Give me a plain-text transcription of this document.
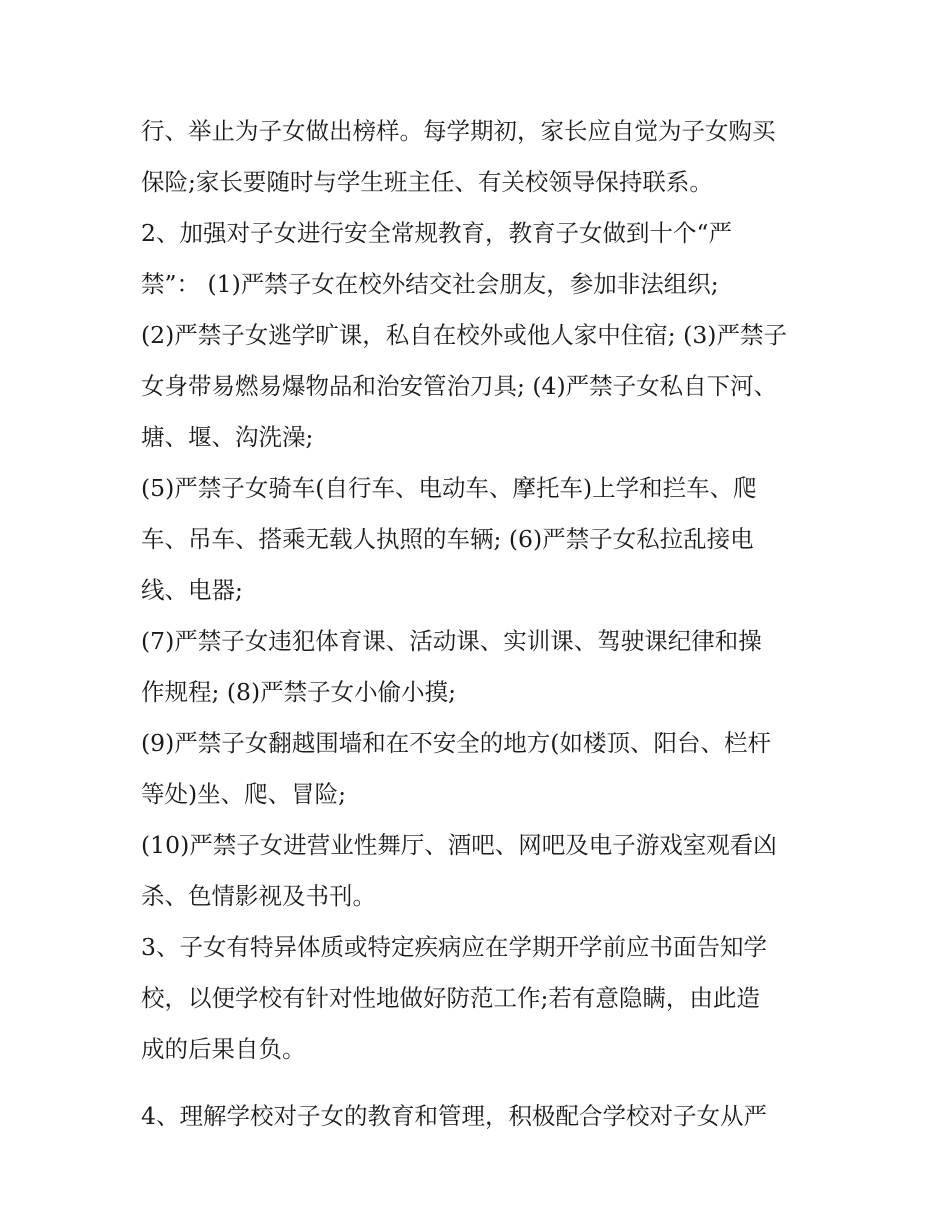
行、举止为子女做出榜样。每学期初，家长应自觉为子女购买
保险;家长要随时与学生班主任、有关校领导保持联系。
2、加强对子女进行安全常规教育，教育子女做到十个“严
禁”： (1)严禁子女在校外结交社会朋友，参加非法组织;
(2)严禁子女逃学旷课，私自在校外或他人家中住宿; (3)严禁子
女身带易燃易爆物品和治安管治刀具; (4)严禁子女私自下河、
塘、堰、沟洗澡;
(5)严禁子女骑车(自行车、电动车、摩托车)上学和拦车、爬
车、吊车、搭乘无载人执照的车辆; (6)严禁子女私拉乱接电
线、电器;
(7)严禁子女违犯体育课、活动课、实训课、驾驶课纪律和操
作规程; (8)严禁子女小偷小摸;
(9)严禁子女翻越围墙和在不安全的地方(如楼顶、阳台、栏杆
等处)坐、爬、冒险;
(10)严禁子女进营业性舞厅、酒吧、网吧及电子游戏室观看凶
杀、色情影视及书刊。
3、子女有特异体质或特定疾病应在学期开学前应书面告知学
校，以便学校有针对性地做好防范工作;若有意隐瞒，由此造
成的后果自负。
4、理解学校对子女的教育和管理，积极配合学校对子女从严
